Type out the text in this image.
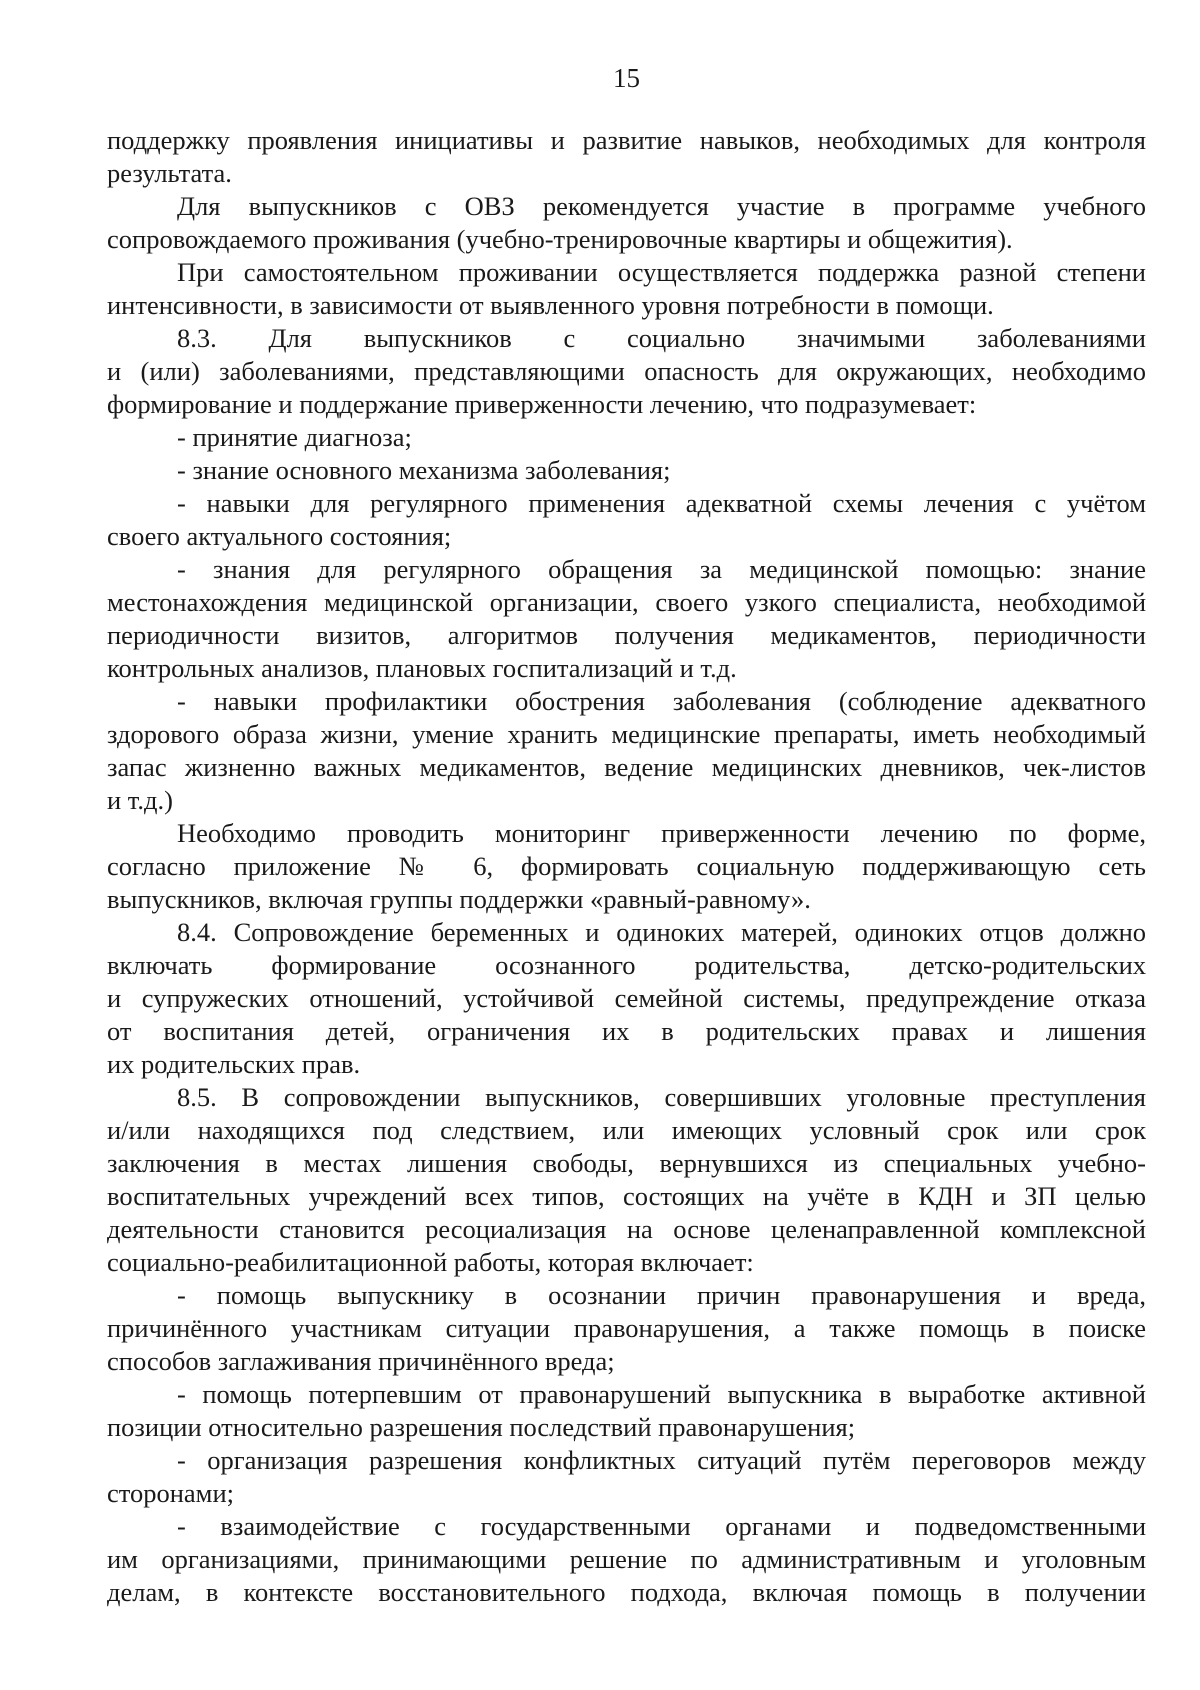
15
поддержку проявления инициативы и развитие навыков, необходимых для контроля
результата.
Для выпускников с ОВЗ рекомендуется участие в программе учебного
сопровождаемого проживания (учебно-тренировочные квартиры и общежития).
При самостоятельном проживании осуществляется поддержка разной степени
интенсивности, в зависимости от выявленного уровня потребности в помощи.
8.3. Для выпускников с социально значимыми заболеваниями
и (или) заболеваниями, представляющими опасность для окружающих, необходимо
формирование и поддержание приверженности лечению, что подразумевает:
- принятие диагноза;
- знание основного механизма заболевания;
- навыки для регулярного применения адекватной схемы лечения с учётом
своего актуального состояния;
- знания для регулярного обращения за медицинской помощью: знание
местонахождения медицинской организации, своего узкого специалиста, необходимой
периодичности визитов, алгоритмов получения медикаментов, периодичности
контрольных анализов, плановых госпитализаций и т.д.
- навыки профилактики обострения заболевания (соблюдение адекватного
здорового образа жизни, умение хранить медицинские препараты, иметь необходимый
запас жизненно важных медикаментов, ведение медицинских дневников, чек-листов
и т.д.)
Необходимо проводить мониторинг приверженности лечению по форме,
согласно приложение № 6, формировать социальную поддерживающую сеть
выпускников, включая группы поддержки «равный-равному».
8.4. Сопровождение беременных и одиноких матерей, одиноких отцов должно
включать формирование осознанного родительства, детско-родительских
и супружеских отношений, устойчивой семейной системы, предупреждение отказа
от воспитания детей, ограничения их в родительских правах и лишения
их родительских прав.
8.5. В сопровождении выпускников, совершивших уголовные преступления
и/или находящихся под следствием, или имеющих условный срок или срок
заключения в местах лишения свободы, вернувшихся из специальных учебно-
воспитательных учреждений всех типов, состоящих на учёте в КДН и ЗП целью
деятельности становится ресоциализация на основе целенаправленной комплексной
социально-реабилитационной работы, которая включает:
- помощь выпускнику в осознании причин правонарушения и вреда,
причинённого участникам ситуации правонарушения, а также помощь в поиске
способов заглаживания причинённого вреда;
- помощь потерпевшим от правонарушений выпускника в выработке активной
позиции относительно разрешения последствий правонарушения;
- организация разрешения конфликтных ситуаций путём переговоров между
сторонами;
- взаимодействие с государственными органами и подведомственными
им организациями, принимающими решение по административным и уголовным
делам, в контексте восстановительного подхода, включая помощь в получении
